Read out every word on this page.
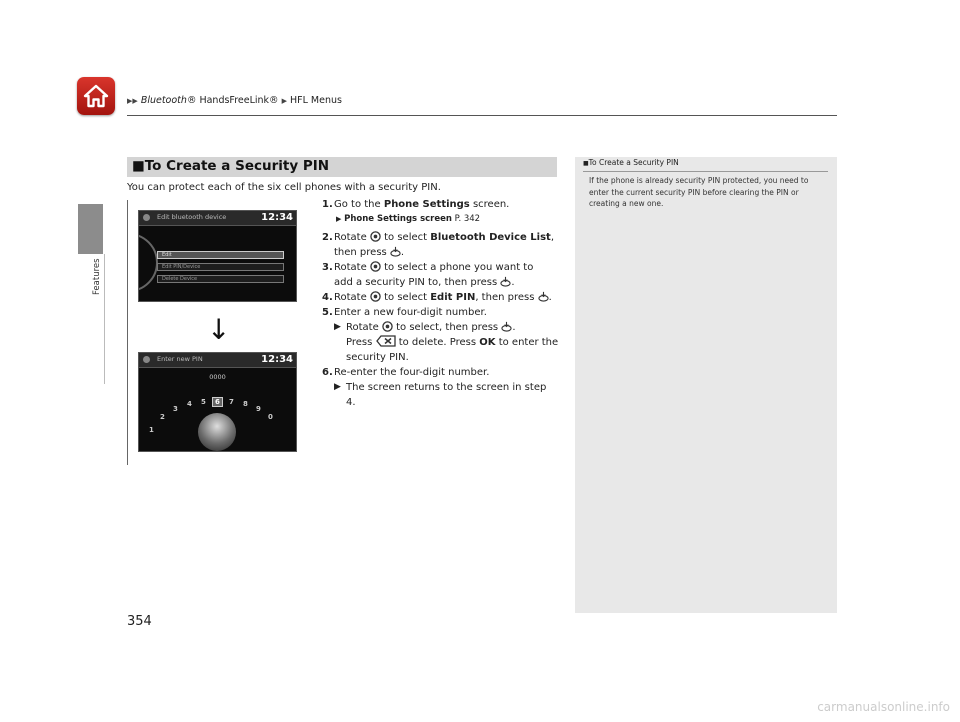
▶▶ Bluetooth® HandsFreeLink® ▶ HFL Menus
Features
■To Create a Security PIN
You can protect each of the six cell phones with a security PIN.
Edit bluetooth device	12:34
Edit
Edit PIN/Device
Delete Device
↓
Enter new PIN	12:34
0000
1
2
3
4 5	6	7 8
9
0
1. Go to the Phone Settings screen.
▶ Phone Settings screen P. 342
2. Rotate  to select Bluetooth Device List,
then press .
3. Rotate  to select a phone you want to
add a security PIN to, then press .
4. Rotate  to select Edit PIN, then press .
5. Enter a new four-digit number.
▶ Rotate  to select, then press .
Press  to delete. Press OK to enter the
security PIN.
6. Re-enter the four-digit number.
▶ The screen returns to the screen in step
4.
■To Create a Security PIN
If the phone is already security PIN protected, you need to enter the current security PIN before clearing the PIN or creating a new one.
354
carmanualsonline.info
